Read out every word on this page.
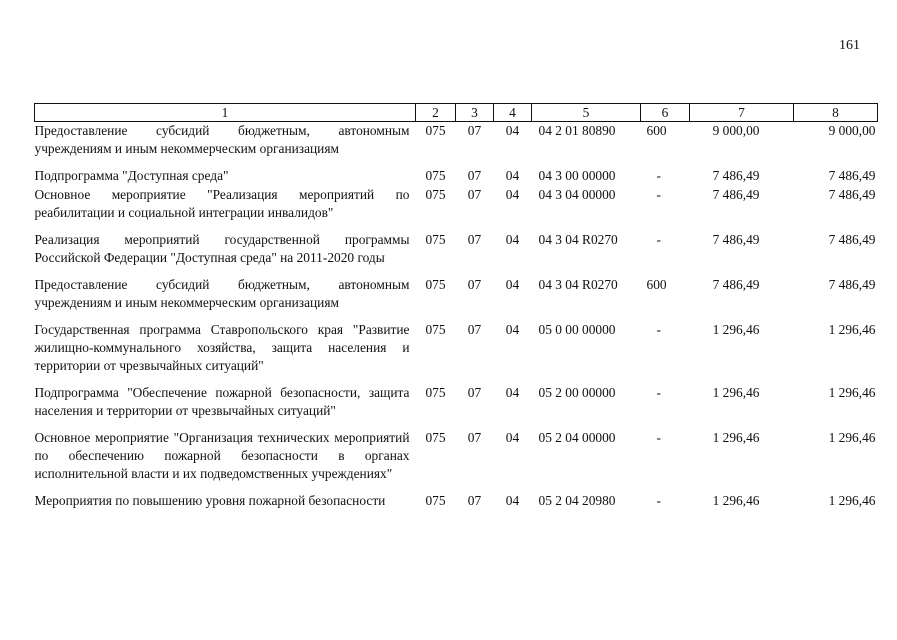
161
1	2	3	4	5	6	7	8
Предоставление субсидий бюджетным, автономным учреждениям и иным некоммерческим организациям	075	07	04	04 2 01 80890	600	9 000,00	9 000,00

Подпрограмма "Доступная среда"	075	07	04	04 3 00 00000	-	7 486,49	7 486,49
Основное мероприятие "Реализация мероприятий по реабилитации и социальной интеграции инвалидов"	075	07	04	04 3 04 00000	-	7 486,49	7 486,49

Реализация мероприятий государственной программы Российской Федерации "Доступная среда" на 2011-2020 годы	075	07	04	04 3 04 R0270	-	7 486,49	7 486,49

Предоставление субсидий бюджетным, автономным учреждениям и иным некоммерческим организациям	075	07	04	04 3 04 R0270	600	7 486,49	7 486,49

Государственная программа Ставропольского края "Развитие жилищно-коммунального хозяйства, защита населения и территории от чрезвычайных ситуаций"	075	07	04	05 0 00 00000	-	1 296,46	1 296,46

Подпрограмма "Обеспечение пожарной безопасности, защита населения и территории от чрезвычайных ситуаций"	075	07	04	05 2 00 00000	-	1 296,46	1 296,46

Основное мероприятие "Организация технических мероприятий по обеспечению пожарной безопасности в органах исполнительной власти и их подведомственных учреждениях"	075	07	04	05 2 04 00000	-	1 296,46	1 296,46

Мероприятия по повышению уровня пожарной безопасности	075	07	04	05 2 04 20980	-	1 296,46	1 296,46
